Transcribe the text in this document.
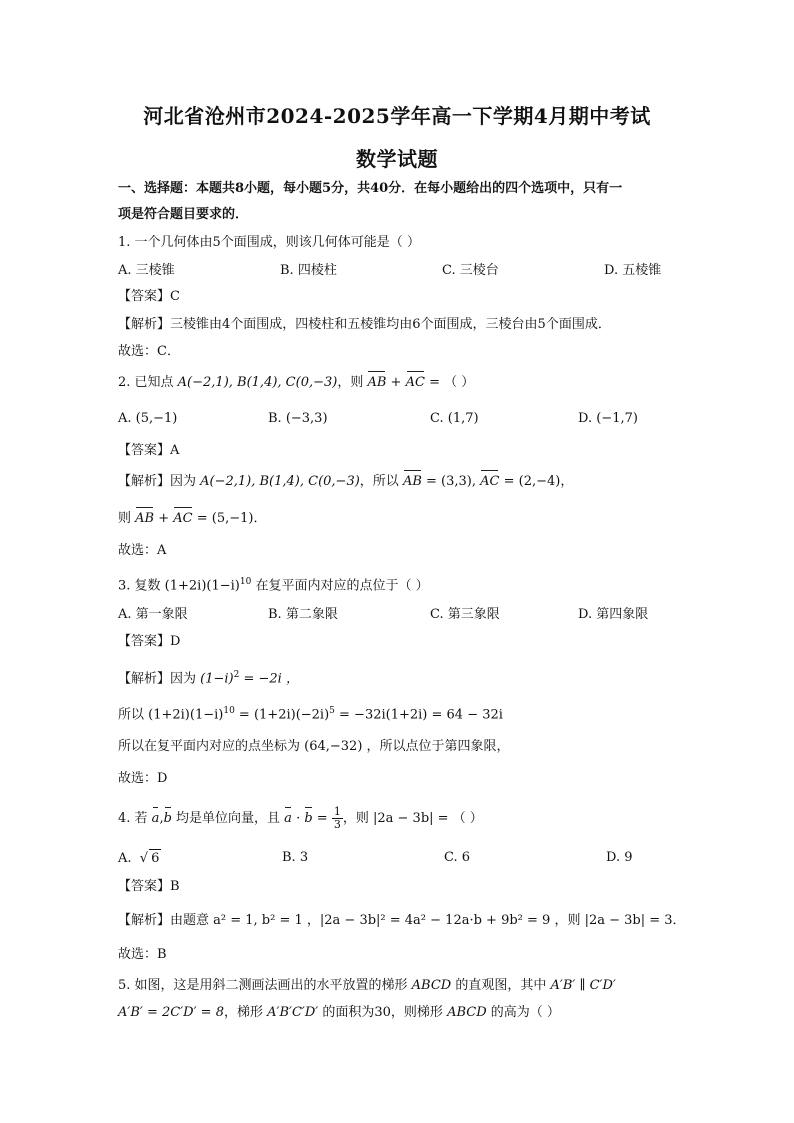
河北省沧州市2024-2025学年高一下学期4月期中考试
数学试题
一、选择题：本题共8小题，每小题5分，共40分．在每小题给出的四个选项中，只有一
项是符合题目要求的．
1. 一个几何体由5个面围成，则该几何体可能是（ ）
A. 三棱锥	B. 四棱柱	C. 三棱台	D. 五棱锥
【答案】C
【解析】三棱锥由4个面围成，四棱柱和五棱锥均由6个面围成，三棱台由5个面围成．
故选：C．
2. 已知点 A(−2,1), B(1,4), C(0,−3)，则 AB + AC = （ ）
A. (5,−1)	B. (−3,3)	C. (1,7)	D. (−1,7)
【答案】A
【解析】因为 A(−2,1), B(1,4), C(0,−3)，所以 AB = (3,3), AC = (2,−4)，
则 AB + AC = (5,−1)．
故选：A
3. 复数 $(1+2i)(1-i)^{10}$ 在复平面内对应的点位于（ ）
A. 第一象限	B. 第二象限	C. 第三象限	D. 第四象限
【答案】D
【解析】因为 $(1-i)^2 = -2i$ ，
所以 $(1+2i)(1-i)^{10} = (1+2i)(-2i)^5 = -32i(1+2i) = 64 - 32i$
所以在复平面内对应的点坐标为 (64,−32) ，所以点位于第四象限，
故选：D
4. 若 a,b 均是单位向量，且 $a \cdot b = \frac{1}{3}$ ，则 |2a − 3b| = （ ）
A.  √ 6	B. 3	C. 6	D. 9
【答案】B
【解析】由题意 a² = 1, b² = 1 ，|2a − 3b|² = 4a² − 12a·b + 9b² = 9 ，则 |2a − 3b| = 3．
故选：B
5. 如图，这是用斜二测画法画出的水平放置的梯形 ABCD 的直观图，其中 A′B′ ∥ C′D′
A′B′ = 2C′D′ = 8，梯形 A′B′C′D′ 的面积为30，则梯形 ABCD 的高为（ ）
